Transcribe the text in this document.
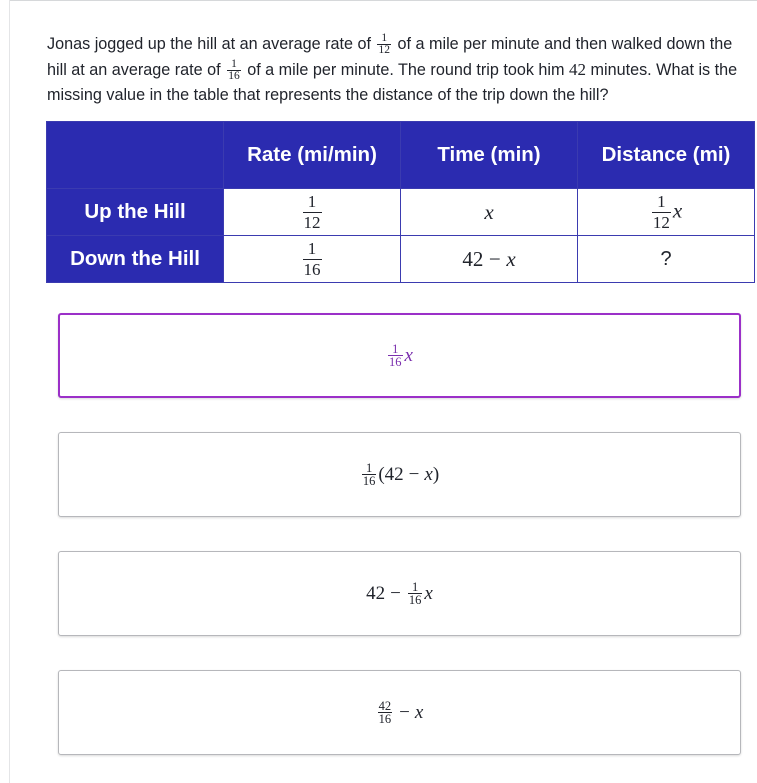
Jonas jogged up the hill at an average rate of $\frac{1}{12}$ of a mile per minute and then walked down the hill at an average rate of $\frac{1}{16}$ of a mile per minute. The round trip took him 42 minutes. What is the missing value in the table that represents the distance of the trip down the hill?
	Rate (mi/min)	Time (min)	Distance (mi)
Up the Hill	$\frac{1}{12}$	x	$\frac{1}{12}$ x
Down the Hill	$\frac{1}{16}$	42 − x	?
$\frac{1}{16}$ x
$\frac{1}{16} (42$
−
x )
42
−
$\frac{1}{16}$ x
$\frac{42}{16}$
−
x
